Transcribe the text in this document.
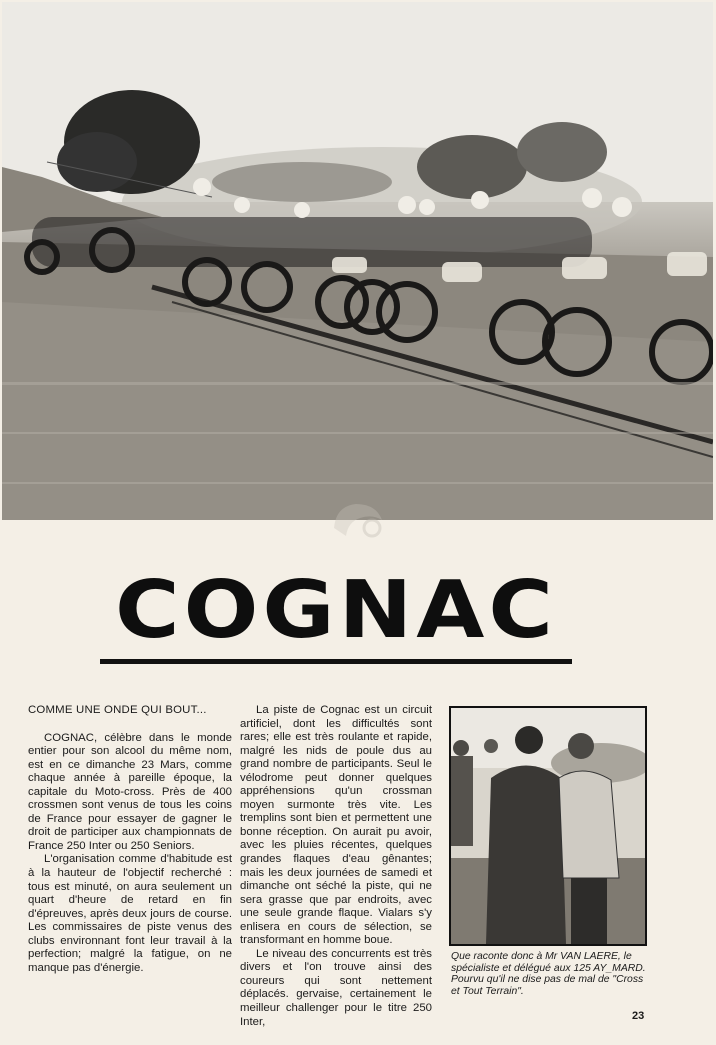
COGNAC

COMME UNE ONDE QUI BOUT...

COGNAC, célèbre dans le monde entier pour son alcool du même nom, est en ce dimanche 23 Mars, comme chaque année à pareille époque, la capitale du Moto-cross. Près de 400 crossmen sont venus de tous les coins de France pour essayer de gagner le droit de participer aux championnats de France 250 Inter ou 250 Seniors.

L'organisation comme d'habitude est à la hauteur de l'objectif recherché : tous est minuté, on aura seulement un quart d'heure de retard en fin d'épreuves, après deux jours de course. Les commissaires de piste venus des clubs environnant font leur travail à la perfection; malgré la fatigue, on ne manque pas d'énergie.

La piste de Cognac est un circuit artificiel, dont les difficultés sont rares; elle est très roulante et rapide, malgré les nids de poule dus au grand nombre de participants. Seul le vélodrome peut donner quelques appréhensions qu'un crossman moyen surmonte très vite. Les tremplins sont bien et permettent une bonne réception. On aurait pu avoir, avec les pluies récentes, quelques grandes flaques d'eau gênantes; mais les deux journées de samedi et dimanche ont séché la piste, qui ne sera grasse que par endroits, avec une seule grande flaque. Vialars s'y enlisera en cours de sélection, se transformant en homme boue.

Le niveau des concurrents est très divers et l'on trouve ainsi des coureurs qui sont nettement déplacés. gervaise, certainement le meilleur challenger pour le titre 250 Inter,

Que raconte donc à Mr VAN LAERE, le spécialiste et délégué aux 125 AY_MARD. Pourvu qu'il ne dise pas de mal de "Cross et Tout Terrain".
23
